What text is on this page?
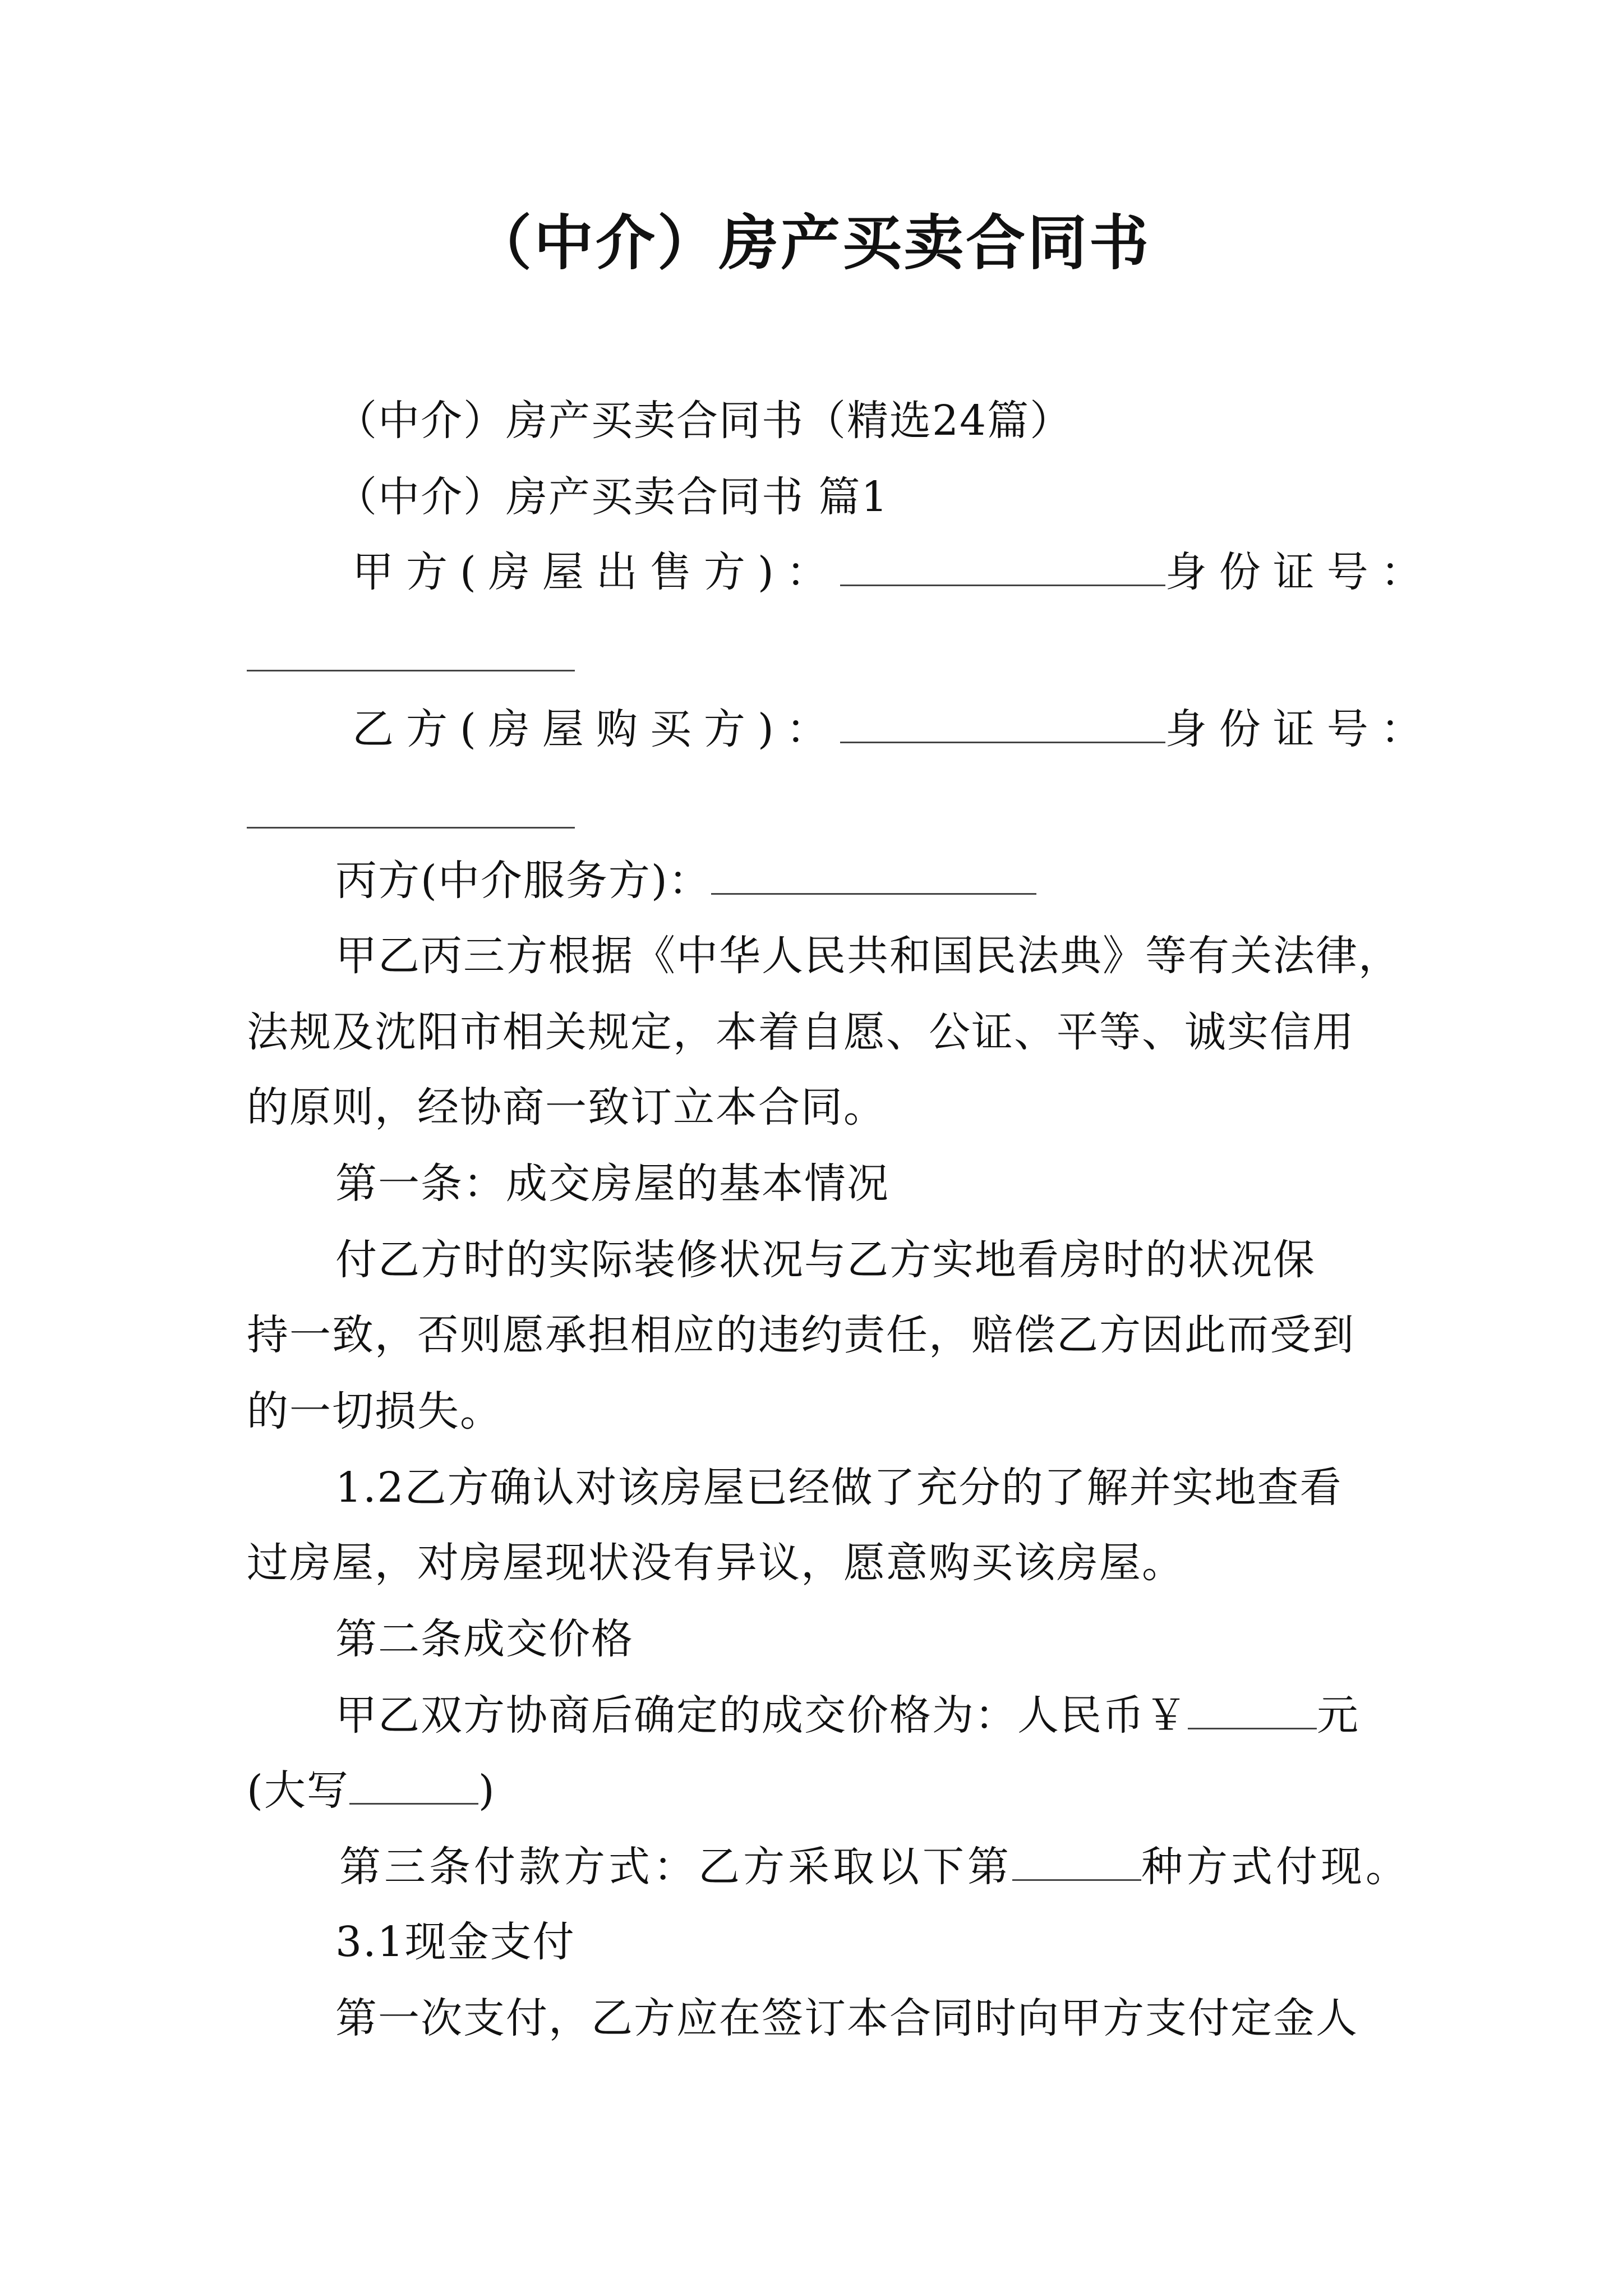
（中介）房产买卖合同书
（中介）房产买卖合同书（精选24篇）
（中介）房产买卖合同书 篇1
甲方(房屋出售方)：	身份证号：
乙方(房屋购买方)：	身份证号：
丙方(中介服务方)：
甲乙丙三方根据《中华人民共和国民法典》等有关法律，
法规及沈阳市相关规定，本着自愿、公证、平等、诚实信用
的原则，经协商一致订立本合同。
第一条：成交房屋的基本情况
付乙方时的实际装修状况与乙方实地看房时的状况保
持一致，否则愿承担相应的违约责任，赔偿乙方因此而受到
的一切损失。
1.2乙方确认对该房屋已经做了充分的了解并实地查看
过房屋，对房屋现状没有异议，愿意购买该房屋。
第二条成交价格
甲乙双方协商后确定的成交价格为：人民币￥	元
(大写	)
第三条付款方式：乙方采取以下第	种方式付现。
3.1现金支付
第一次支付，乙方应在签订本合同时向甲方支付定金人
